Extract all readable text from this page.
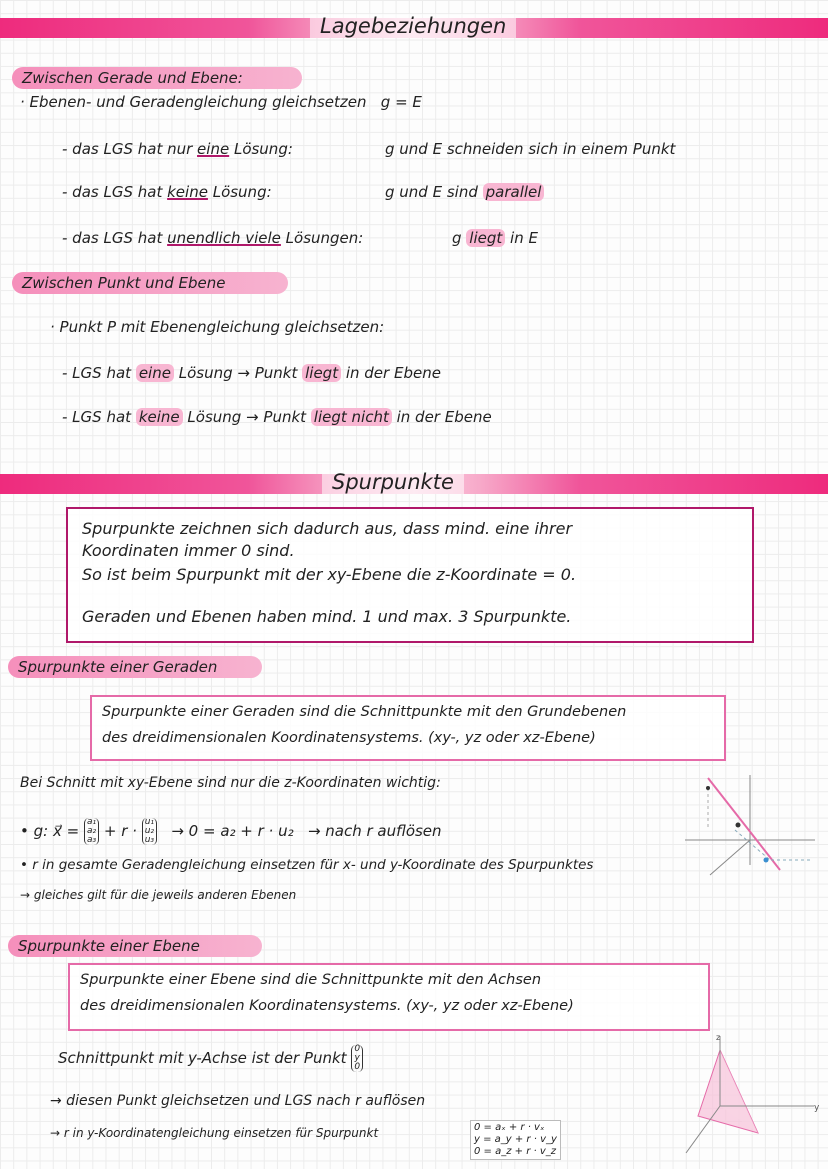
Lagebeziehungen
Zwischen Gerade und Ebene:
· Ebenen- und Geradengleichung gleichsetzen g = E
- das LGS hat nur eine Lösung:	g und E schneiden sich in einem Punkt
- das LGS hat keine Lösung:	g und E sind parallel
- das LGS hat unendlich viele Lösungen:	g liegt in E
Zwischen Punkt und Ebene
· Punkt P mit Ebenengleichung gleichsetzen:
- LGS hat eine Lösung → Punkt liegt in der Ebene
- LGS hat keine Lösung → Punkt liegt nicht in der Ebene
Spurpunkte
Spurpunkte zeichnen sich dadurch aus, dass mind. eine ihrer
Koordinaten immer 0 sind.
So ist beim Spurpunkt mit der xy-Ebene die z-Koordinate = 0.
Geraden und Ebenen haben mind. 1 und max. 3 Spurpunkte.
Spurpunkte einer Geraden
Spurpunkte einer Geraden sind die Schnittpunkte mit den Grundebenen
des dreidimensionalen Koordinatensystems. (xy-, yz oder xz-Ebene)
Bei Schnitt mit xy-Ebene sind nur die z-Koordinaten wichtig:
• g: x⃗ = a₁
a₂
a₃ + r · u₁
u₂
u₃ → 0 = a₂ + r · u₂ → nach r auflösen
• r in gesamte Geradengleichung einsetzen für x- und y-Koordinate des Spurpunktes
→ gleiches gilt für die jeweils anderen Ebenen
Spurpunkte einer Ebene
Spurpunkte einer Ebene sind die Schnittpunkte mit den Achsen
des dreidimensionalen Koordinatensystems. (xy-, yz oder xz-Ebene)
Schnittpunkt mit y-Achse ist der Punkt 0
y
0
→ diesen Punkt gleichsetzen und LGS nach r auflösen
→ r in y-Koordinatengleichung einsetzen für Spurpunkt	0 = aₓ + r · vₓ
y = a_y + r · v_y
0 = a_z + r · v_z
z
y
